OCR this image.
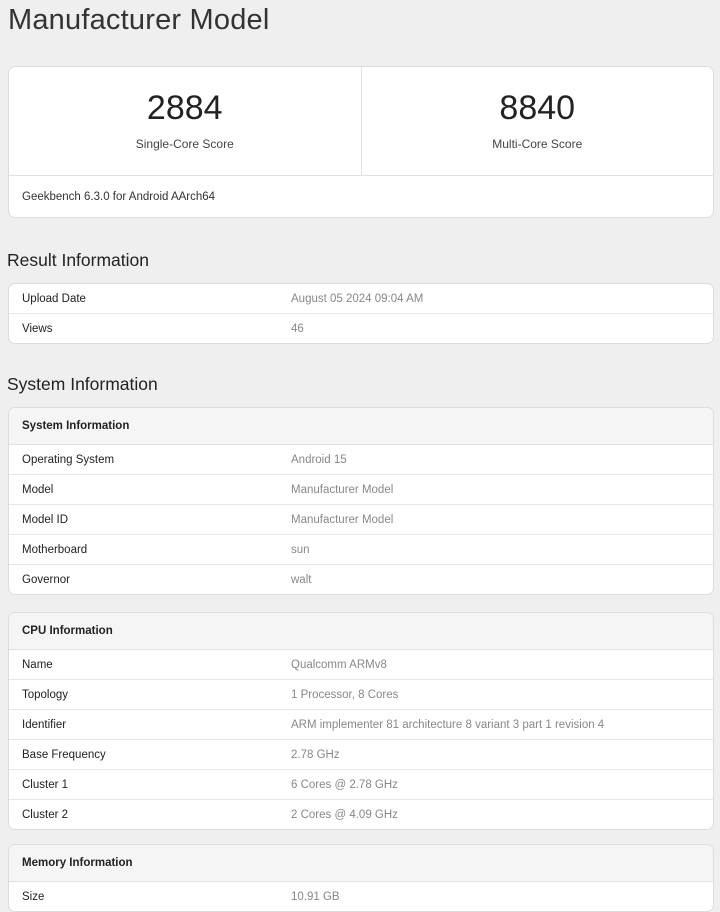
Manufacturer Model
2884
Single-Core Score
8840
Multi-Core Score
Geekbench 6.3.0 for Android AArch64
Result Information
Upload Date	August 05 2024 09:04 AM
Views	46
System Information
System Information
Operating System	Android 15
Model	Manufacturer Model
Model ID	Manufacturer Model
Motherboard	sun
Governor	walt
CPU Information
Name	Qualcomm ARMv8
Topology	1 Processor, 8 Cores
Identifier	ARM implementer 81 architecture 8 variant 3 part 1 revision 4
Base Frequency	2.78 GHz
Cluster 1	6 Cores @ 2.78 GHz
Cluster 2	2 Cores @ 4.09 GHz
Memory Information
Size	10.91 GB
